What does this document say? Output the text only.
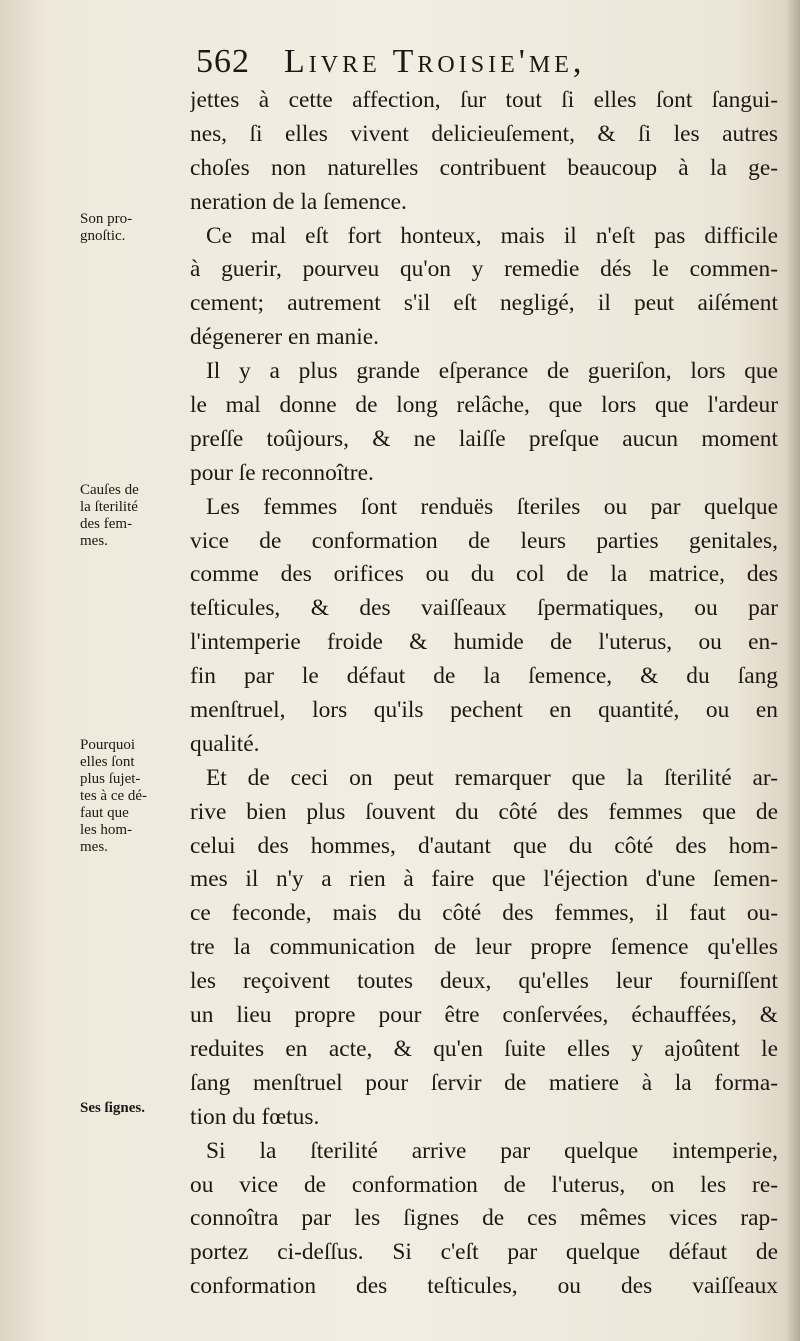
562 Livre Troisie'me,
Son pro-
gnoſtic.
Cauſes de
la ſterilité
des fem-
mes.
Pourquoi
elles ſont
plus ſujet-
tes à ce dé-
faut que
les hom-
mes.
Ses ſignes.
jettes à cette affection, ſur tout ſi elles ſont ſangui-
nes, ſi elles vivent delicieuſement, & ſi les autres
choſes non naturelles contribuent beaucoup à la ge-
neration de la ſemence.
Ce mal eſt fort honteux, mais il n'eſt pas difficile
à guerir, pourveu qu'on y remedie dés le commen-
cement; autrement s'il eſt negligé, il peut aiſément
dégenerer en manie.
Il y a plus grande eſperance de gueriſon, lors que
le mal donne de long relâche, que lors que l'ardeur
preſſe toûjours, & ne laiſſe preſque aucun moment
pour ſe reconnoître.
Les femmes ſont renduës ſteriles ou par quelque
vice de conformation de leurs parties genitales,
comme des orifices ou du col de la matrice, des
teſticules, & des vaiſſeaux ſpermatiques, ou par
l'intemperie froide & humide de l'uterus, ou en-
fin par le défaut de la ſemence, & du ſang
menſtruel, lors qu'ils pechent en quantité, ou en
qualité.
Et de ceci on peut remarquer que la ſterilité ar-
rive bien plus ſouvent du côté des femmes que de
celui des hommes, d'autant que du côté des hom-
mes il n'y a rien à faire que l'éjection d'une ſemen-
ce feconde, mais du côté des femmes, il faut ou-
tre la communication de leur propre ſemence qu'elles
les reçoivent toutes deux, qu'elles leur fourniſſent
un lieu propre pour être conſervées, échauffées, &
reduites en acte, & qu'en ſuite elles y ajoûtent le
ſang menſtruel pour ſervir de matiere à la forma-
tion du fœtus.
Si la ſterilité arrive par quelque intemperie,
ou vice de conformation de l'uterus, on les re-
connoîtra par les ſignes de ces mêmes vices rap-
portez ci-deſſus. Si c'eſt par quelque défaut de
conformation des teſticules, ou des vaiſſeaux
